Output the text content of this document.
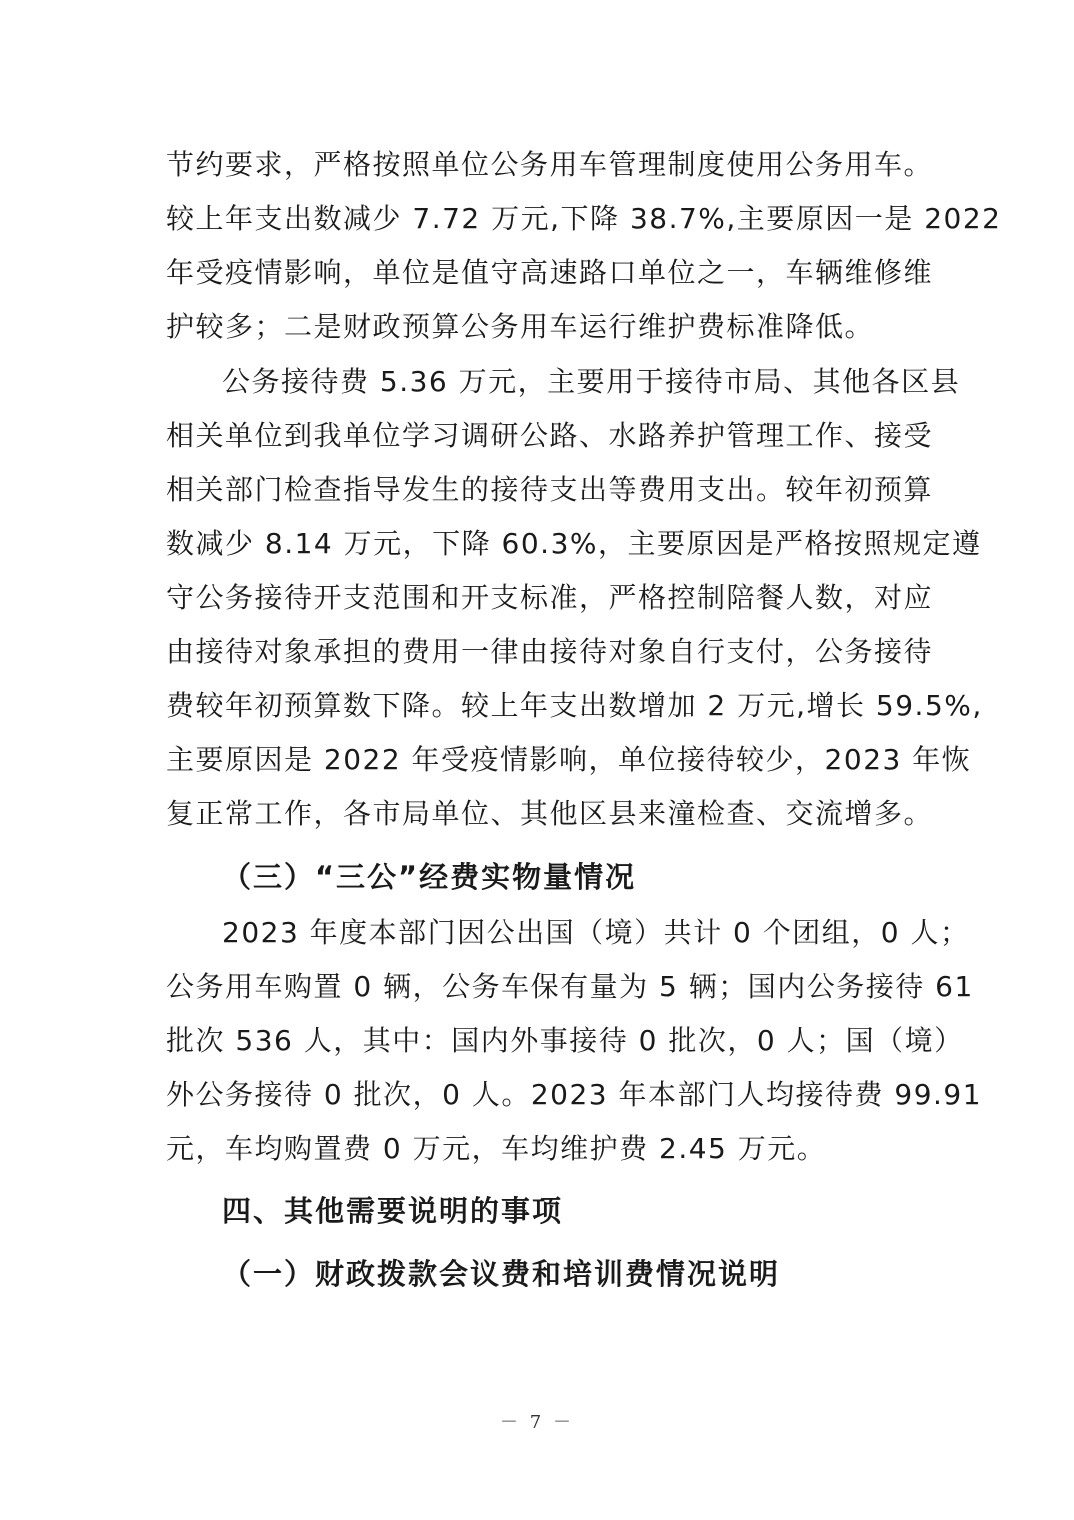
节约要求，严格按照单位公务用车管理制度使用公务用车。
较上年支出数减少 7.72 万元,下降 38.7%,主要原因一是 2022
年受疫情影响，单位是值守高速路口单位之一，车辆维修维
护较多；二是财政预算公务用车运行维护费标准降低。
公务接待费 5.36 万元，主要用于接待市局、其他各区县
相关单位到我单位学习调研公路、水路养护管理工作、接受
相关部门检查指导发生的接待支出等费用支出。较年初预算
数减少 8.14 万元，下降 60.3%，主要原因是严格按照规定遵
守公务接待开支范围和开支标准，严格控制陪餐人数，对应
由接待对象承担的费用一律由接待对象自行支付，公务接待
费较年初预算数下降。较上年支出数增加 2 万元,增长 59.5%,
主要原因是 2022 年受疫情影响，单位接待较少，2023 年恢
复正常工作，各市局单位、其他区县来潼检查、交流增多。
（三）“三公”经费实物量情况
2023 年度本部门因公出国（境）共计 0 个团组，0 人；
公务用车购置 0 辆，公务车保有量为 5 辆；国内公务接待 61
批次 536 人，其中：国内外事接待 0 批次，0 人；国（境）
外公务接待 0 批次，0 人。2023 年本部门人均接待费 99.91
元，车均购置费 0 万元，车均维护费 2.45 万元。
四、其他需要说明的事项
（一）财政拨款会议费和培训费情况说明
－ 7 －
